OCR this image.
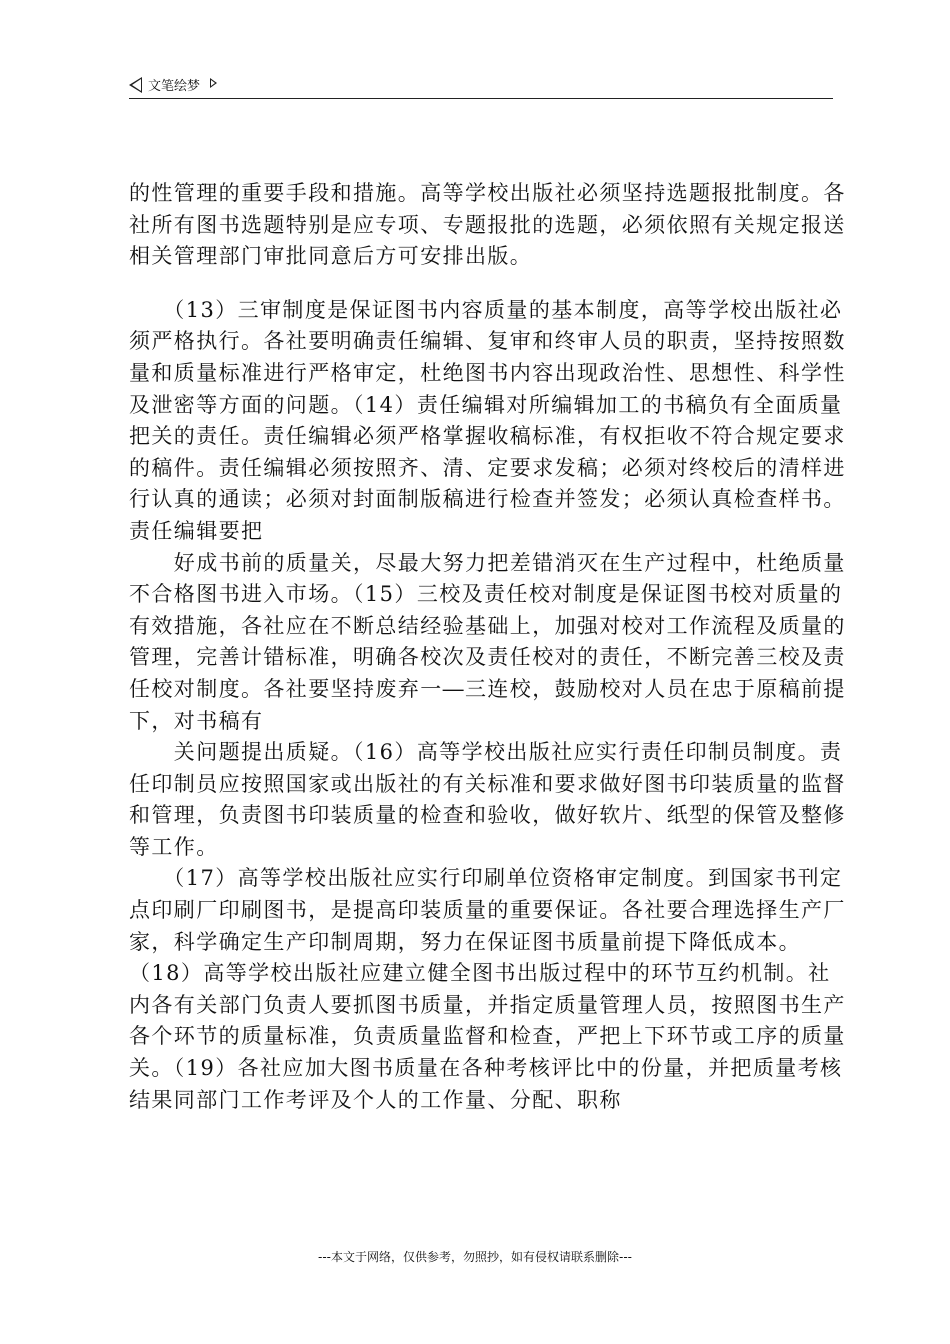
文笔绘梦

的性管理的重要手段和措施。高等学校出版社必须坚持选题报批制度。各社所有图书选题特别是应专项、专题报批的选题，必须依照有关规定报送相关管理部门审批同意后方可安排出版。

　　（13）三审制度是保证图书内容质量的基本制度，高等学校出版社必须严格执行。各社要明确责任编辑、复审和终审人员的职责，坚持按照数量和质量标准进行严格审定，杜绝图书内容出现政治性、思想性、科学性及泄密等方面的问题。（14）责任编辑对所编辑加工的书稿负有全面质量把关的责任。责任编辑必须严格掌握收稿标准，有权拒收不符合规定要求的稿件。责任编辑必须按照齐、清、定要求发稿；必须对终校后的清样进行认真的通读；必须对封面制版稿进行检查并签发；必须认真检查样书。责任编辑要把

　　好成书前的质量关，尽最大努力把差错消灭在生产过程中，杜绝质量不合格图书进入市场。（15）三校及责任校对制度是保证图书校对质量的有效措施，各社应在不断总结经验基础上，加强对校对工作流程及质量的管理，完善计错标准，明确各校次及责任校对的责任，不断完善三校及责任校对制度。各社要坚持废弃一―三连校，鼓励校对人员在忠于原稿前提下，对书稿有

　　关问题提出质疑。（16）高等学校出版社应实行责任印制员制度。责任印制员应按照国家或出版社的有关标准和要求做好图书印装质量的监督和管理，负责图书印装质量的检查和验收，做好软片、纸型的保管及整修等工作。

　　（17）高等学校出版社应实行印刷单位资格审定制度。到国家书刊定点印刷厂印刷图书，是提高印装质量的重要保证。各社要合理选择生产厂家，科学确定生产印制周期，努力在保证图书质量前提下降低成本。（18）高等学校出版社应建立健全图书出版过程中的环节互约机制。社内各有关部门负责人要抓图书质量，并指定质量管理人员，按照图书生产各个环节的质量标准，负责质量监督和检查，严把上下环节或工序的质量关。（19）各社应加大图书质量在各种考核评比中的份量，并把质量考核结果同部门工作考评及个人的工作量、分配、职称

---本文于网络，仅供参考，勿照抄，如有侵权请联系删除---
